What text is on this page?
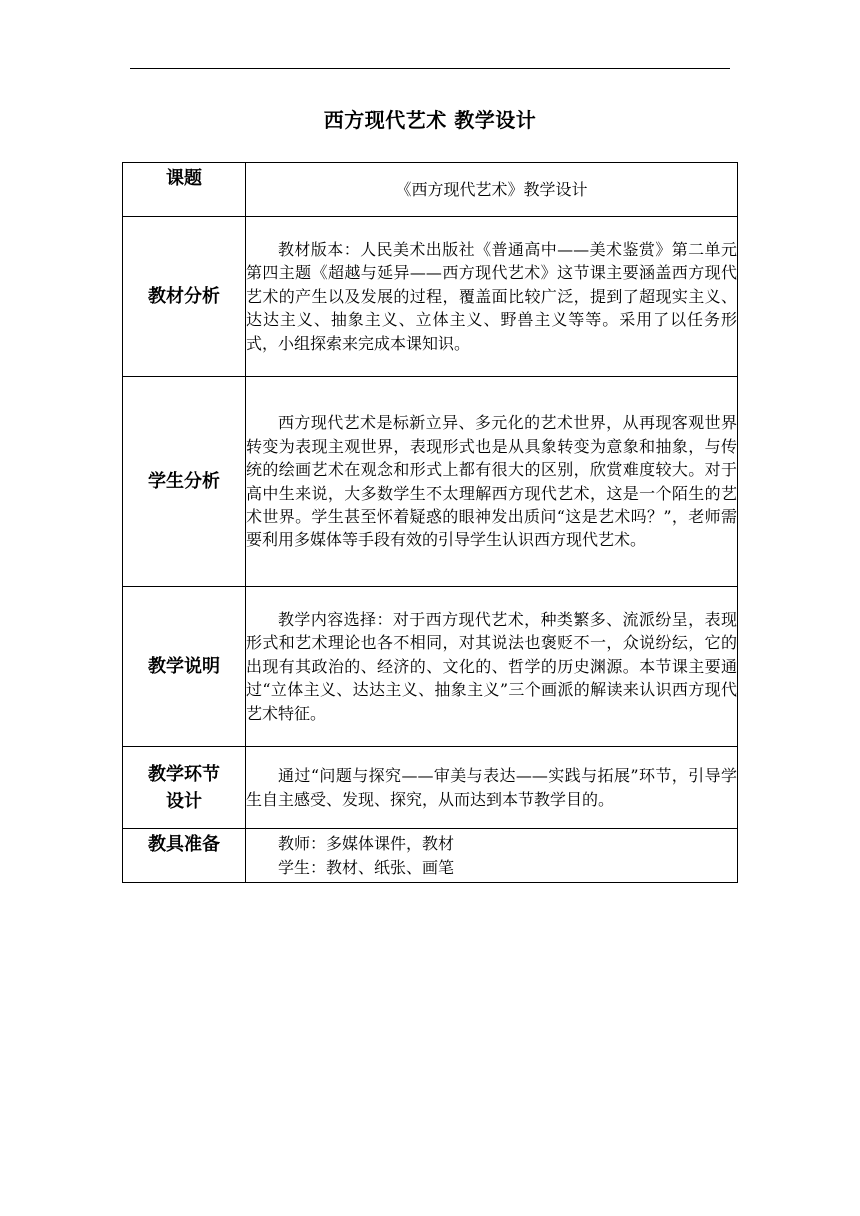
西方现代艺术 教学设计
课题	《西方现代艺术》教学设计
教材分析	教材版本：人民美术出版社《普通高中——美术鉴赏》第二单元第四主题《超越与延异——西方现代艺术》这节课主要涵盖西方现代艺术的产生以及发展的过程，覆盖面比较广泛，提到了超现实主义、达达主义、抽象主义、立体主义、野兽主义等等。采用了以任务形式，小组探索来完成本课知识。

学生分析	西方现代艺术是标新立异、多元化的艺术世界，从再现客观世界转变为表现主观世界，表现形式也是从具象转变为意象和抽象，与传统的绘画艺术在观念和形式上都有很大的区别，欣赏难度较大。对于高中生来说，大多数学生不太理解西方现代艺术，这是一个陌生的艺术世界。学生甚至怀着疑惑的眼神发出质问“这是艺术吗？”，老师需要利用多媒体等手段有效的引导学生认识西方现代艺术。

教学说明	教学内容选择：对于西方现代艺术，种类繁多、流派纷呈，表现形式和艺术理论也各不相同，对其说法也褒贬不一，众说纷纭，它的出现有其政治的、经济的、文化的、哲学的历史渊源。本节课主要通过“立体主义、达达主义、抽象主义”三个画派的解读来认识西方现代艺术特征。

教学环节
设计	通过“问题与探究——审美与表达——实践与拓展”环节，引导学生自主感受、发现、探究，从而达到本节教学目的。

教具准备	教师：多媒体课件，教材

学生：教材、纸张、画笔
